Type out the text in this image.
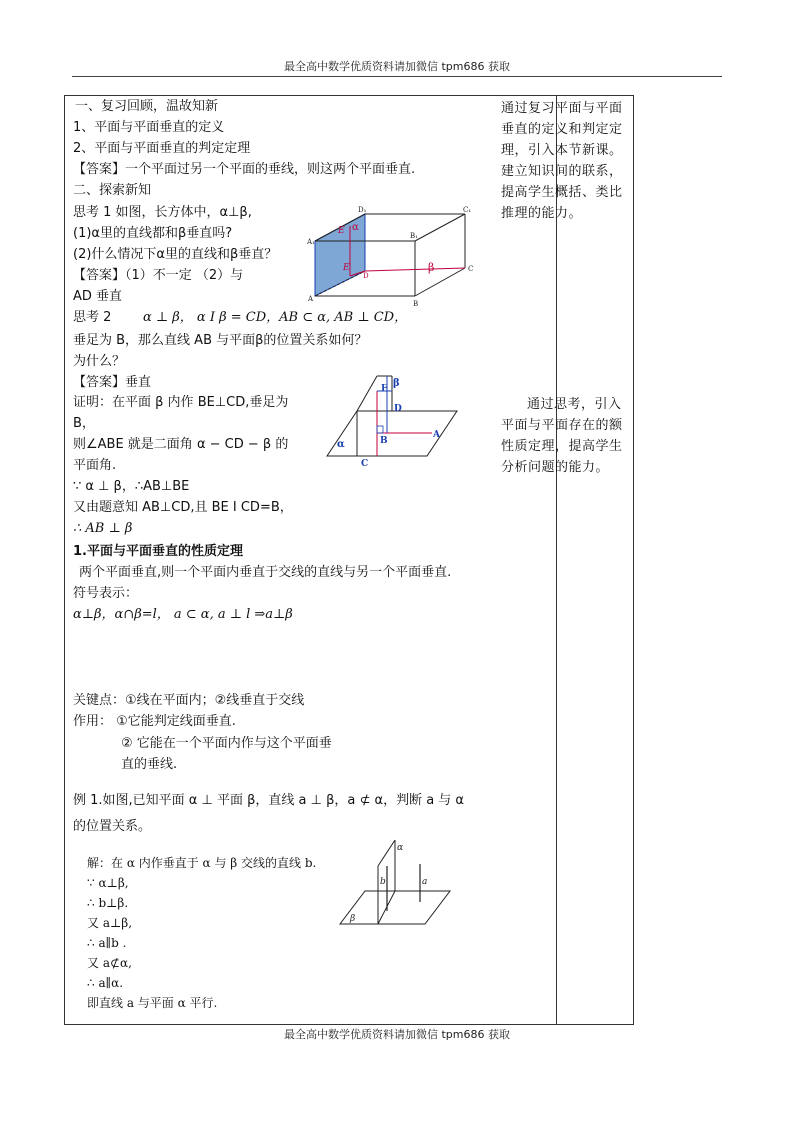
最全高中数学优质资料请加微信 tpm686 获取
一、复习回顾，温故知新
1、平面与平面垂直的定义
2、平面与平面垂直的判定定理
【答案】一个平面过另一个平面的垂线，则这两个平面垂直.
二、探索新知
思考 1 如图，长方体中，α⊥β,
(1)α里的直线都和β垂直吗?
(2)什么情况下α里的直线和β垂直？
【答案】（1）不一定 （2）与
AD 垂直
D₁	C₁
A₁
B₁
E α
E
D
β	C
A
B
思考 2 α ⊥ β， α I β = CD，AB ⊂ α, AB ⊥ CD，
垂足为 B，那么直线 AB 与平面β的位置关系如何？
为什么？
【答案】垂直
证明：在平面 β 内作 BE⊥CD,垂足为
B，
则∠ABE 就是二面角 α − CD − β 的
平面角.
∵ α ⊥ β，∴AB⊥BE
又由题意知 AB⊥CD,且 BE I CD=B，
∴ AB ⊥ β
β
E
D
A
α	B
C
1.平面与平面垂直的性质定理
两个平面垂直,则一个平面内垂直于交线的直线与另一个平面垂直.
符号表示：
α⊥β，α∩β=l， a ⊂ α, a ⊥ l ⇒a⊥β
关键点：①线在平面内；②线垂直于交线
作用： ①它能判定线面垂直.
② 它能在一个平面内作与这个平面垂
直的垂线.
例 1.如图,已知平面 α ⊥ 平面 β，直线 a ⊥ β，a ⊄ α，判断 a 与 α
的位置关系。
解：在 α 内作垂直于 α 与 β 交线的直线 b.
∵ α⊥β,
∴ b⊥β.
又 a⊥β,
∴ a∥b .
又 a⊄α,
∴ a∥α.
即直线 a 与平面 α 平行.
α
b	a
β
通过复习平面与平面垂直的定义和判定定理，引入本节新课。建立知识间的联系，提高学生概括、类比推理的能力。
通过思考，引入平面与平面存在的额性质定理，提高学生分析问题的能力。
最全高中数学优质资料请加微信 tpm686 获取
